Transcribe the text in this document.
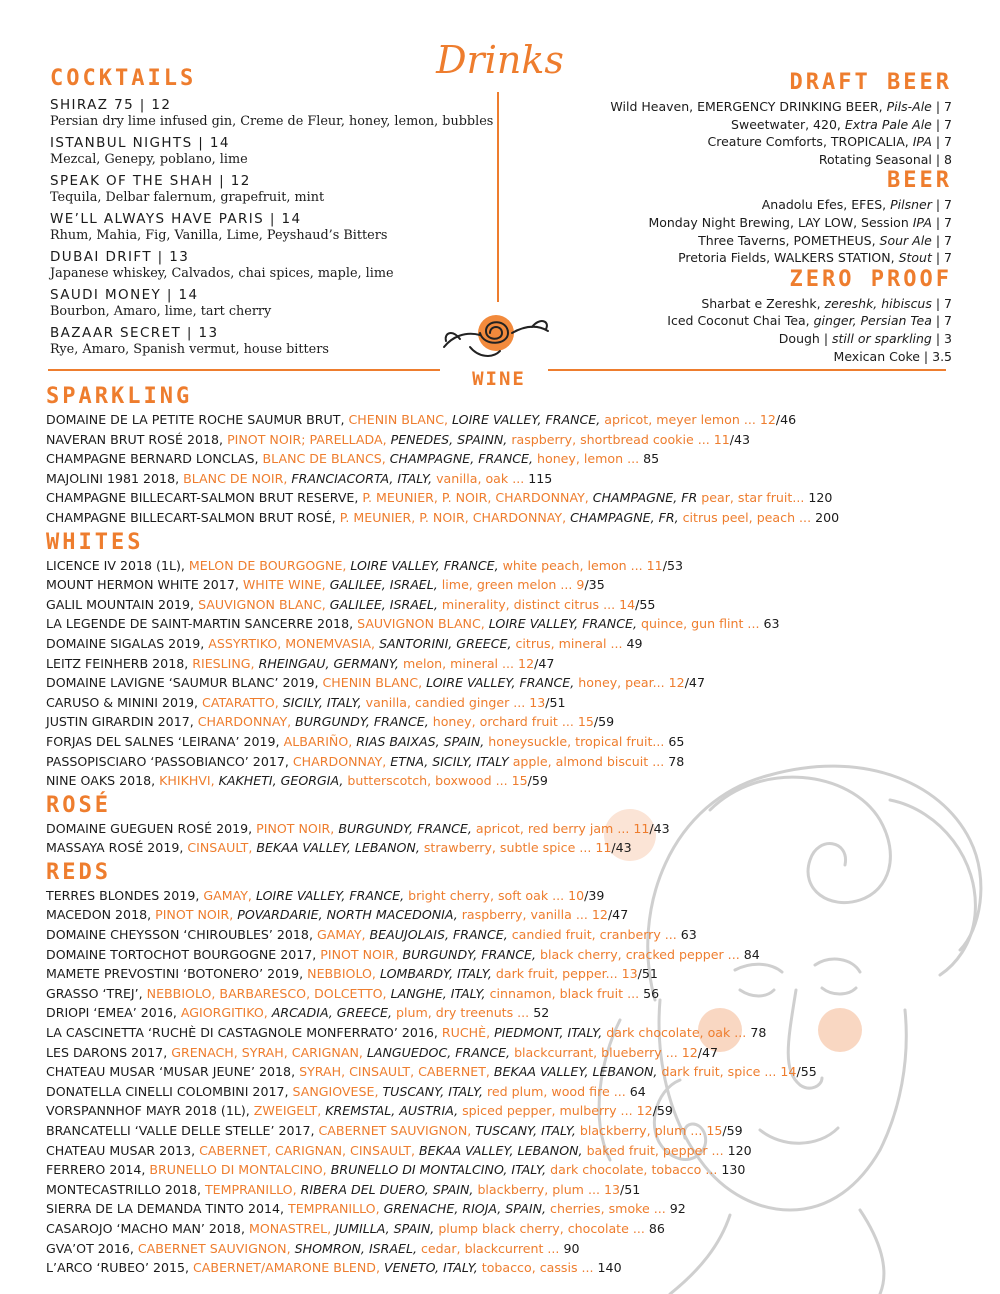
Drinks
WINE
COCKTAILS
SHIRAZ 75 | 12
Persian dry lime infused gin, Creme de Fleur, honey, lemon, bubbles
ISTANBUL NIGHTS | 14
Mezcal, Genepy, poblano, lime
SPEAK OF THE SHAH | 12
Tequila, Delbar falernum, grapefruit, mint
WE’LL ALWAYS HAVE PARIS | 14
Rhum, Mahia, Fig, Vanilla, Lime, Peyshaud’s Bitters
DUBAI DRIFT | 13
Japanese whiskey, Calvados, chai spices, maple, lime
SAUDI MONEY | 14
Bourbon, Amaro, lime, tart cherry
BAZAAR SECRET | 13
Rye, Amaro, Spanish vermut, house bitters
DRAFT BEER
Wild Heaven, EMERGENCY DRINKING BEER, Pils-Ale | 7
Sweetwater, 420, Extra Pale Ale | 7
Creature Comforts, TROPICALIA, IPA | 7
Rotating Seasonal | 8
BEER
Anadolu Efes, EFES, Pilsner | 7
Monday Night Brewing, LAY LOW, Session IPA | 7
Three Taverns, POMETHEUS, Sour Ale | 7
Pretoria Fields, WALKERS STATION, Stout | 7
ZERO PROOF
Sharbat e Zereshk, zereshk, hibiscus | 7
Iced Coconut Chai Tea, ginger, Persian Tea | 7
Dough | still or sparkling | 3
Mexican Coke | 3.5
SPARKLING
DOMAINE DE LA PETITE ROCHE SAUMUR BRUT, CHENIN BLANC, LOIRE VALLEY, FRANCE, apricot, meyer lemon ... 12/46
NAVERAN BRUT ROSÉ 2018, PINOT NOIR; PARELLADA, PENEDES, SPAINN, raspberry, shortbread cookie ... 11/43
CHAMPAGNE BERNARD LONCLAS, BLANC DE BLANCS, CHAMPAGNE, FRANCE, honey, lemon ... 85
MAJOLINI 1981 2018, BLANC DE NOIR, FRANCIACORTA, ITALY, vanilla, oak ... 115
CHAMPAGNE BILLECART-SALMON BRUT RESERVE, P. MEUNIER, P. NOIR, CHARDONNAY, CHAMPAGNE, FR pear, star fruit... 120
CHAMPAGNE BILLECART-SALMON BRUT ROSÉ, P. MEUNIER, P. NOIR, CHARDONNAY, CHAMPAGNE, FR, citrus peel, peach ... 200
WHITES
LICENCE IV 2018 (1L), MELON DE BOURGOGNE, LOIRE VALLEY, FRANCE, white peach, lemon ... 11/53
MOUNT HERMON WHITE 2017, WHITE WINE, GALILEE, ISRAEL, lime, green melon ... 9/35
GALIL MOUNTAIN 2019, SAUVIGNON BLANC, GALILEE, ISRAEL, minerality, distinct citrus ... 14/55
LA LEGENDE DE SAINT-MARTIN SANCERRE 2018, SAUVIGNON BLANC, LOIRE VALLEY, FRANCE, quince, gun flint ... 63
DOMAINE SIGALAS 2019, ASSYRTIKO, MONEMVASIA, SANTORINI, GREECE, citrus, mineral ... 49
LEITZ FEINHERB 2018, RIESLING, RHEINGAU, GERMANY, melon, mineral ... 12/47
DOMAINE LAVIGNE ‘SAUMUR BLANC’ 2019, CHENIN BLANC, LOIRE VALLEY, FRANCE, honey, pear... 12/47
CARUSO & MININI 2019, CATARATTO, SICILY, ITALY, vanilla, candied ginger ... 13/51
JUSTIN GIRARDIN 2017, CHARDONNAY, BURGUNDY, FRANCE, honey, orchard fruit ... 15/59
FORJAS DEL SALNES ‘LEIRANA’ 2019, ALBARIÑO, RIAS BAIXAS, SPAIN, honeysuckle, tropical fruit... 65
PASSOPISCIARO ‘PASSOBIANCO’ 2017, CHARDONNAY, ETNA, SICILY, ITALY apple, almond biscuit ... 78
NINE OAKS 2018, KHIKHVI, KAKHETI, GEORGIA, butterscotch, boxwood ... 15/59
ROSÉ
DOMAINE GUEGUEN ROSÉ 2019, PINOT NOIR, BURGUNDY, FRANCE, apricot, red berry jam ... 11/43
MASSAYA ROSÉ 2019, CINSAULT, BEKAA VALLEY, LEBANON, strawberry, subtle spice ... 11/43
REDS
TERRES BLONDES 2019, GAMAY, LOIRE VALLEY, FRANCE, bright cherry, soft oak ... 10/39
MACEDON 2018, PINOT NOIR, POVARDARIE, NORTH MACEDONIA, raspberry, vanilla ... 12/47
DOMAINE CHEYSSON ‘CHIROUBLES’ 2018, GAMAY, BEAUJOLAIS, FRANCE, candied fruit, cranberry ... 63
DOMAINE TORTOCHOT BOURGOGNE 2017, PINOT NOIR, BURGUNDY, FRANCE, black cherry, cracked pepper ... 84
MAMETE PREVOSTINI ‘BOTONERO’ 2019, NEBBIOLO, LOMBARDY, ITALY, dark fruit, pepper... 13/51
GRASSO ‘TREJ’, NEBBIOLO, BARBARESCO, DOLCETTO, LANGHE, ITALY, cinnamon, black fruit ... 56
DRIOPI ‘EMEA’ 2016, AGIORGITIKO, ARCADIA, GREECE, plum, dry treenuts ... 52
LA CASCINETTA ‘RUCHÈ DI CASTAGNOLE MONFERRATO’ 2016, RUCHÈ, PIEDMONT, ITALY, dark chocolate, oak ... 78
LES DARONS 2017, GRENACH, SYRAH, CARIGNAN, LANGUEDOC, FRANCE, blackcurrant, blueberry ... 12/47
CHATEAU MUSAR ‘MUSAR JEUNE’ 2018, SYRAH, CINSAULT, CABERNET, BEKAA VALLEY, LEBANON, dark fruit, spice ... 14/55
DONATELLA CINELLI COLOMBINI 2017, SANGIOVESE, TUSCANY, ITALY, red plum, wood fire ... 64
VORSPANNHOF MAYR 2018 (1L), ZWEIGELT, KREMSTAL, AUSTRIA, spiced pepper, mulberry ... 12/59
BRANCATELLI ‘VALLE DELLE STELLE’ 2017, CABERNET SAUVIGNON, TUSCANY, ITALY, blackberry, plum ... 15/59
CHATEAU MUSAR 2013, CABERNET, CARIGNAN, CINSAULT, BEKAA VALLEY, LEBANON, baked fruit, pepper ... 120
FERRERO 2014, BRUNELLO DI MONTALCINO, BRUNELLO DI MONTALCINO, ITALY, dark chocolate, tobacco ... 130
MONTECASTRILLO 2018, TEMPRANILLO, RIBERA DEL DUERO, SPAIN, blackberry, plum ... 13/51
SIERRA DE LA DEMANDA TINTO 2014, TEMPRANILLO, GRENACHE, RIOJA, SPAIN, cherries, smoke ... 92
CASAROJO ‘MACHO MAN’ 2018, MONASTREL, JUMILLA, SPAIN, plump black cherry, chocolate ... 86
GVA’OT 2016, CABERNET SAUVIGNON, SHOMRON, ISRAEL, cedar, blackcurrent ... 90
L’ARCO ‘RUBEO’ 2015, CABERNET/AMARONE BLEND, VENETO, ITALY, tobacco, cassis ... 140
